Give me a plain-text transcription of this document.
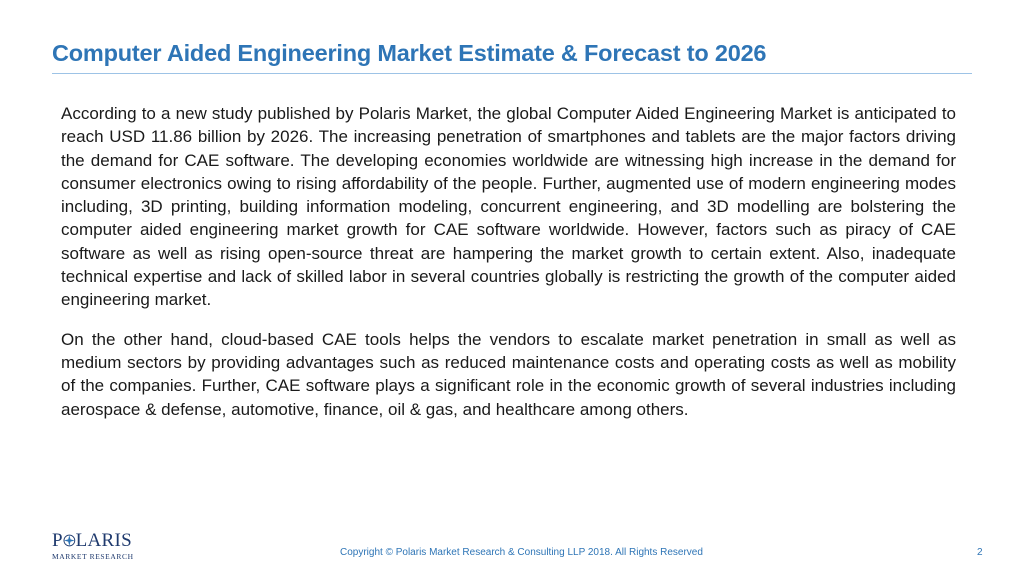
Computer Aided Engineering Market Estimate & Forecast to 2026

According to a new study published by Polaris Market, the global Computer Aided Engineering Market is anticipated to reach USD 11.86 billion by 2026. The increasing penetration of smartphones and tablets are the major factors driving the demand for CAE software. The developing economies worldwide are witnessing high increase in the demand for consumer electronics owing to rising affordability of the people. Further, augmented use of modern engineering modes including, 3D printing, building information modeling, concurrent engineering, and 3D modelling are bolstering the computer aided engineering market growth for CAE software worldwide. However, factors such as piracy of CAE software as well as rising open-source threat are hampering the market growth to certain extent. Also, inadequate technical expertise and lack of skilled labor in several countries globally is restricting the growth of the computer aided engineering market.

On the other hand, cloud-based CAE tools helps the vendors to escalate market penetration in small as well as medium sectors by providing advantages such as reduced maintenance costs and operating costs as well as mobility of the companies. Further, CAE software plays a significant role in the economic growth of several industries including aerospace & defense, automotive, finance, oil & gas, and healthcare among others.

P LARIS
MARKET RESEARCH	Copyright © Polaris Market Research & Consulting LLP 2018. All Rights Reserved	2
